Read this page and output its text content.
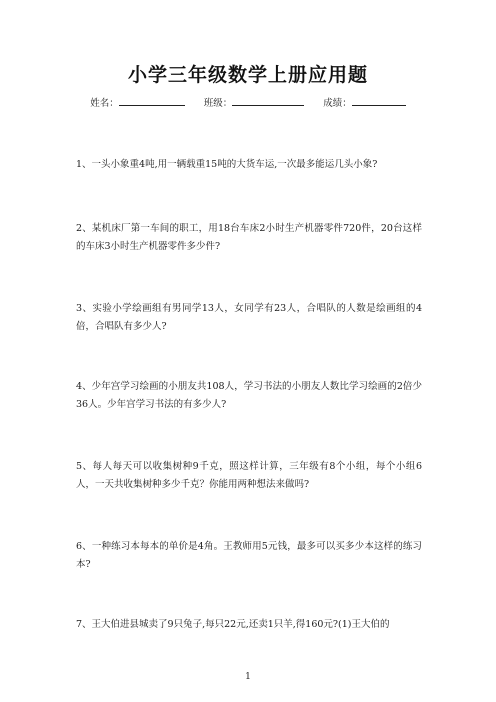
小学三年级数学上册应用题
姓名：	班级：	成绩：
1、一头小象重4吨,用一辆载重15吨的大货车运,一次最多能运几头小象?
2、某机床厂第一车间的职工，用18台车床2小时生产机器零件720件，20台这样的车床3小时生产机器零件多少件?
3、实验小学绘画组有男同学13人，女同学有23人，合唱队的人数是绘画组的4倍，合唱队有多少人?
4、少年宫学习绘画的小朋友共108人，学习书法的小朋友人数比学习绘画的2倍少36人。少年宫学习书法的有多少人?
5、每人每天可以收集树种9千克，照这样计算，三年级有8个小组，每个小组6人，一天共收集树种多少千克？你能用两种想法来做吗?
6、一种练习本每本的单价是4角。王教师用5元钱，最多可以买多少本这样的练习本?
7、王大伯进县城卖了9只兔子,每只22元,还卖1只羊,得160元?(1)王大伯的
1
